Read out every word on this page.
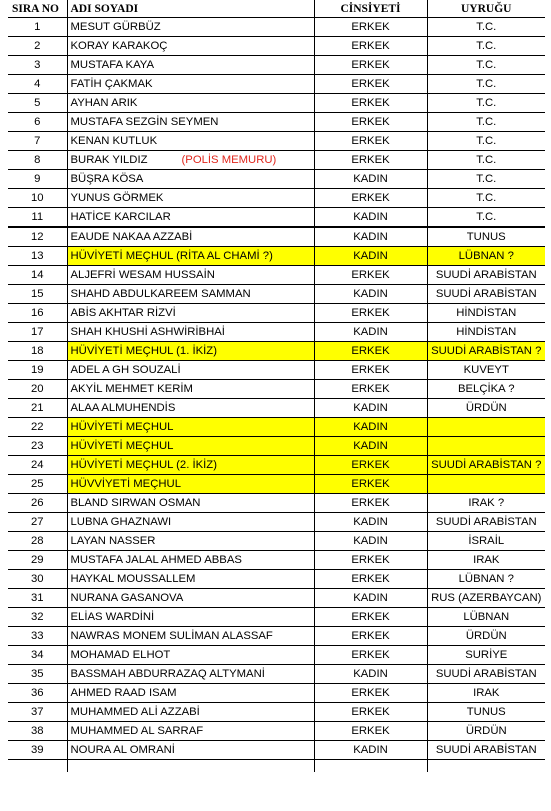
SIRA NO	ADI SOYADI	CİNSİYETİ	UYRUĞU
1	MESUT GÜRBÜZ	ERKEK	T.C.
2	KORAY KARAKOÇ	ERKEK	T.C.
3	MUSTAFA KAYA	ERKEK	T.C.
4	FATİH ÇAKMAK	ERKEK	T.C.
5	AYHAN ARIK	ERKEK	T.C.
6	MUSTAFA SEZGİN SEYMEN	ERKEK	T.C.
7	KENAN KUTLUK	ERKEK	T.C.
8	BURAK YILDIZ (POLİS MEMURU)	ERKEK	T.C.
9	BÜŞRA KÖSA	KADIN	T.C.
10	YUNUS GÖRMEK	ERKEK	T.C.
11	HATİCE KARCILAR	KADIN	T.C.
12	EAUDE NAKAA AZZABİ	KADIN	TUNUS
13	HÜVİYETİ MEÇHUL (RİTA AL CHAMİ ?)	KADIN	LÜBNAN ?
14	ALJEFRİ WESAM HUSSAİN	ERKEK	SUUDİ ARABİSTAN
15	SHAHD ABDULKAREEM SAMMAN	KADIN	SUUDİ ARABİSTAN
16	ABİS AKHTAR RİZVİ	ERKEK	HİNDİSTAN
17	SHAH KHUSHİ ASHWİRİBHAİ	KADIN	HİNDİSTAN
18	HÜVİYETİ MEÇHUL (1. İKİZ)	ERKEK	SUUDİ ARABİSTAN ?
19	ADEL A GH SOUZALİ	ERKEK	KUVEYT
20	AKYİL MEHMET KERİM	ERKEK	BELÇİKA ?
21	ALAA ALMUHENDİS	KADIN	ÜRDÜN
22	HÜVİYETİ MEÇHUL	KADIN	
23	HÜVİYETİ MEÇHUL	KADIN	
24	HÜVİYETİ MEÇHUL (2. İKİZ)	ERKEK	SUUDİ ARABİSTAN ?
25	HÜVVİYETİ MEÇHUL	ERKEK	
26	BLAND SIRWAN OSMAN	ERKEK	IRAK ?
27	LUBNA GHAZNAWI	KADIN	SUUDİ ARABİSTAN
28	LAYAN NASSER	KADIN	İSRAİL
29	MUSTAFA JALAL AHMED ABBAS	ERKEK	IRAK
30	HAYKAL MOUSSALLEM	ERKEK	LÜBNAN ?
31	NURANA GASANOVA	KADIN	RUS (AZERBAYCAN)
32	ELİAS WARDİNİ	ERKEK	LÜBNAN
33	NAWRAS MONEM SULİMAN ALASSAF	ERKEK	ÜRDÜN
34	MOHAMAD ELHOT	ERKEK	SURİYE
35	BASSMAH ABDURRAZAQ ALTYMANİ	KADIN	SUUDİ ARABİSTAN
36	AHMED RAAD ISAM	ERKEK	IRAK
37	MUHAMMED ALİ AZZABİ	ERKEK	TUNUS
38	MUHAMMED AL SARRAF	ERKEK	ÜRDÜN
39	NOURA AL OMRANİ	KADIN	SUUDİ ARABİSTAN
